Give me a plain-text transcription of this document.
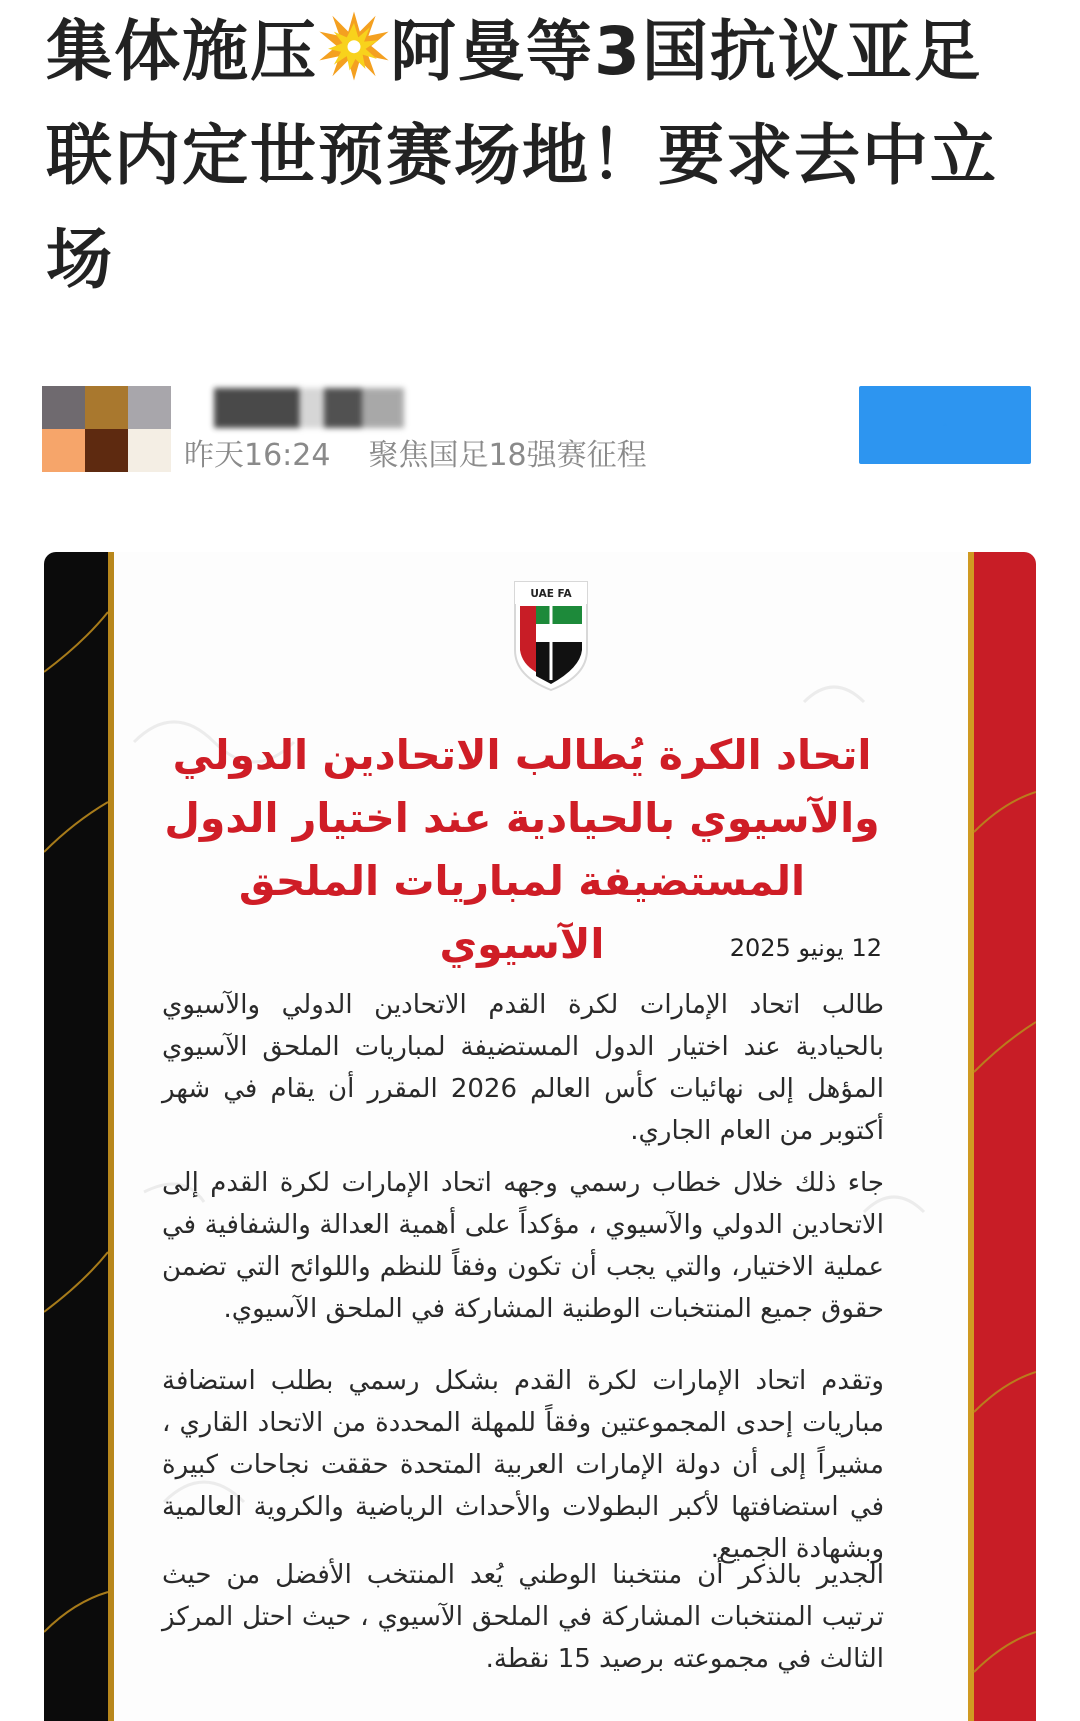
集体施压 阿曼等3国抗议亚足联内定世预赛场地！要求去中立场
昨天16:24 聚焦国足18强赛征程
关注
UAE FA
اتحاد الكرة يُطالب الاتحادين الدولي والآسيوي بالحيادية عند اختيار الدول المستضيفة لمباريات الملحق الآسيوي	12 يونيو 2025

طالب اتحاد الإمارات لكرة القدم الاتحادين الدولي والآسيوي بالحيادية عند اختيار الدول المستضيفة لمباريات الملحق الآسيوي المؤهل إلى نهائيات كأس العالم 2026 المقرر أن يقام في شهر أكتوبر من العام الجاري.

جاء ذلك خلال خطاب رسمي وجهه اتحاد الإمارات لكرة القدم إلى الاتحادين الدولي والآسيوي ، مؤكداً على أهمية العدالة والشفافية في عملية الاختيار، والتي يجب أن تكون وفقاً للنظم واللوائح التي تضمن حقوق جميع المنتخبات الوطنية المشاركة في الملحق الآسيوي.

وتقدم اتحاد الإمارات لكرة القدم بشكل رسمي بطلب استضافة مباريات إحدى المجموعتين وفقاً للمهلة المحددة من الاتحاد القاري ، مشيراً إلى أن دولة الإمارات العربية المتحدة حققت نجاحات كبيرة في استضافتها لأكبر البطولات والأحداث الرياضية والكروية العالمية وبشهادة الجميع.

الجدير بالذكر أن منتخبنا الوطني يُعد المنتخب الأفضل من حيث ترتيب المنتخبات المشاركة في الملحق الآسيوي ، حيث احتل المركز الثالث في مجموعته برصيد 15 نقطة.
